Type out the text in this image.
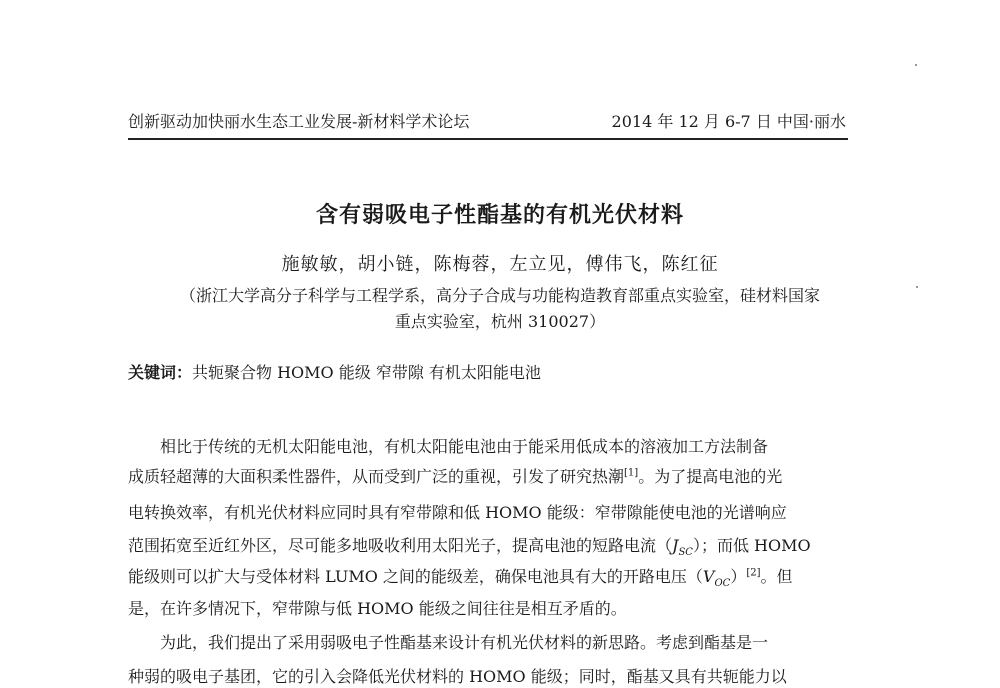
创新驱动加快丽水生态工业发展-新材料学术论坛	2014 年 12 月 6-7 日 中国·丽水
含有弱吸电子性酯基的有机光伏材料
施敏敏，胡小链，陈梅蓉，左立见，傅伟飞，陈红征
（浙江大学高分子科学与工程学系，高分子合成与功能构造教育部重点实验室，硅材料国家
重点实验室，杭州 310027）
关键词：共轭聚合物 HOMO 能级 窄带隙 有机太阳能电池
相比于传统的无机太阳能电池，有机太阳能电池由于能采用低成本的溶液加工方法制备
成质轻超薄的大面积柔性器件，从而受到广泛的重视，引发了研究热潮[1]。为了提高电池的光
电转换效率，有机光伏材料应同时具有窄带隙和低 HOMO 能级：窄带隙能使电池的光谱响应
范围拓宽至近红外区，尽可能多地吸收利用太阳光子，提高电池的短路电流$(J_{SC})$；而低 HOMO
能级则可以扩大与受体材料 LUMO 之间的能级差，确保电池具有大的开路电压$(V_{OC})[2]$。但
是，在许多情况下，窄带隙与低 HOMO 能级之间往往是相互矛盾的。
为此，我们提出了采用弱吸电子性酯基来设计有机光伏材料的新思路。考虑到酯基是一
种弱的吸电子基团，它的引入会降低光伏材料的 HOMO 能级；同时，酯基又具有共轭能力以
